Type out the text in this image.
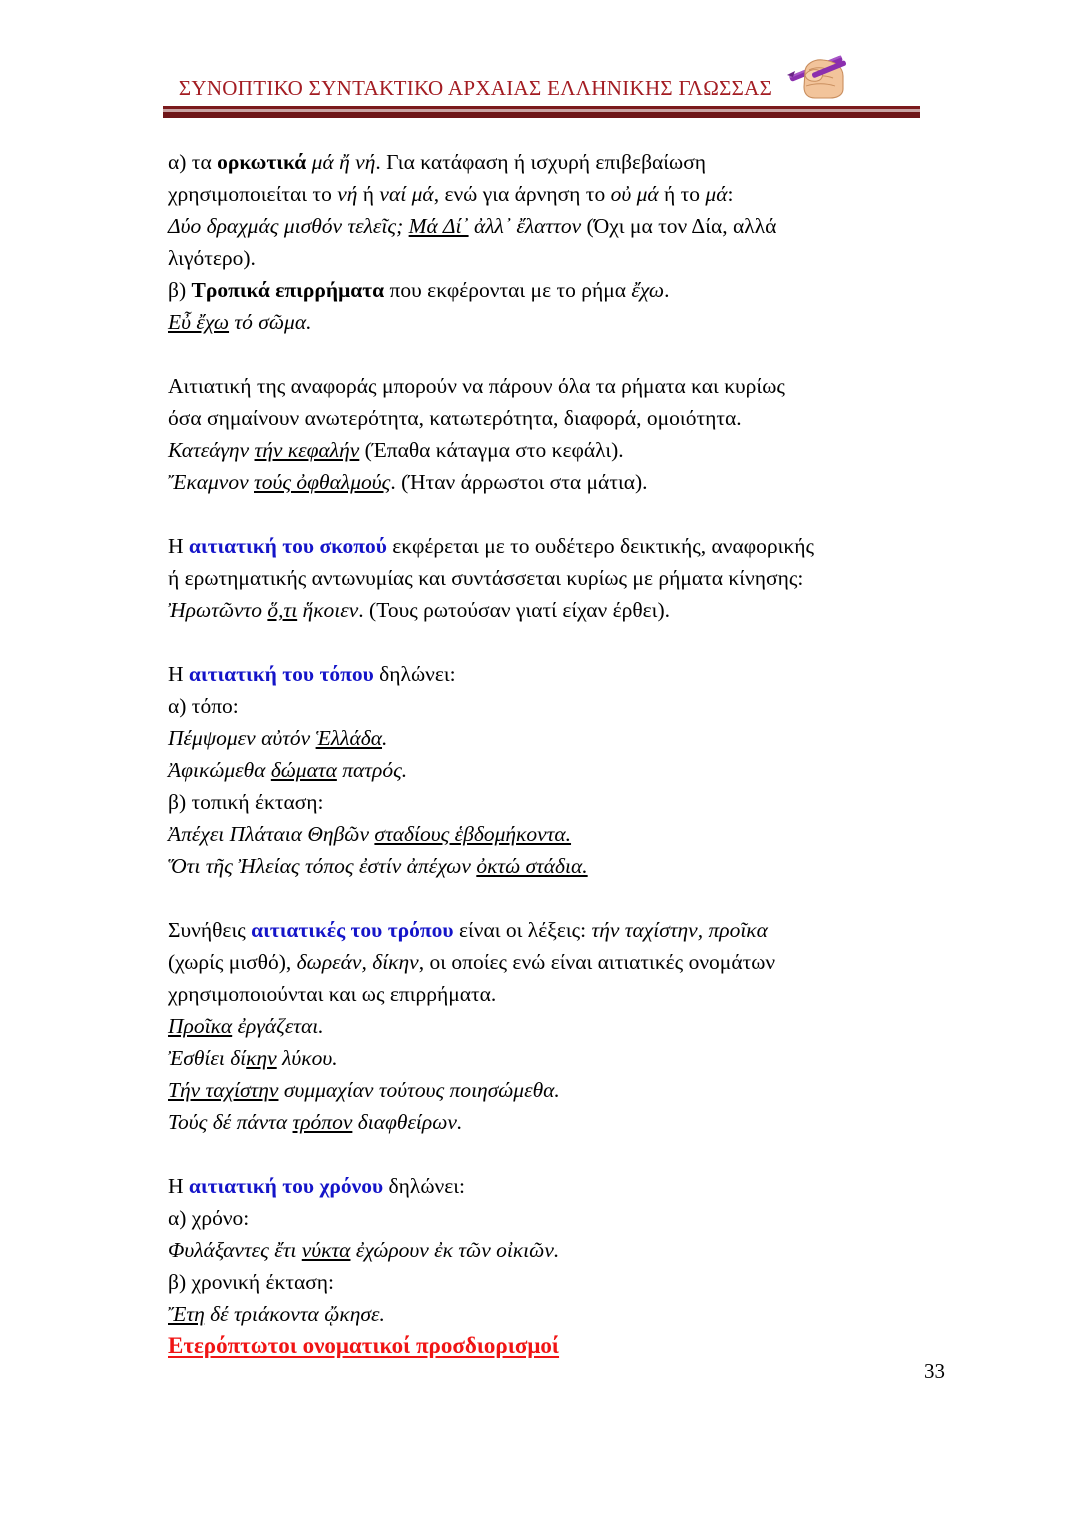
ΣΥΝΟΠΤΙΚΟ ΣΥΝΤΑΚΤΙΚΟ ΑΡΧΑΙΑΣ ΕΛΛΗΝΙΚΗΣ ΓΛΩΣΣΑΣ
α) τα ορκωτικά μά ἤ νή. Για κατάφαση ή ισχυρή επιβεβαίωση
χρησιμοποιείται το νή ή ναί μά, ενώ για άρνηση το οὐ μά ή το μά:
Δύο δραχμάς μισθόν τελεῖς; Μά Δί᾽ ἀλλ᾽ ἔλαττον (Όχι μα τον Δία, αλλά
λιγότερο).
β) Τροπικά επιρρήματα που εκφέρονται με το ρήμα ἔχω.
Εὖ ἔχω τό σῶμα.
Αιτιατική της αναφοράς μπορούν να πάρουν όλα τα ρήματα και κυρίως
όσα σημαίνουν ανωτερότητα, κατωτερότητα, διαφορά, ομοιότητα.
Κατεάγην τήν κεφαλήν (Έπαθα κάταγμα στο κεφάλι).
Ἔκαμνον τούς ὀφθαλμούς. (Ήταν άρρωστοι στα μάτια).
Η αιτιατική του σκοπού εκφέρεται με το ουδέτερο δεικτικής, αναφορικής
ή ερωτηματικής αντωνυμίας και συντάσσεται κυρίως με ρήματα κίνησης:
Ἠρωτῶντο ὅ,τι ἥκοιεν. (Τους ρωτούσαν γιατί είχαν έρθει).
Η αιτιατική του τόπου δηλώνει:
α) τόπο:
Πέμψομεν αὐτόν Ἑλλάδα.
Ἀφικώμεθα δώματα πατρός.
β) τοπική έκταση:
Ἀπέχει Πλάταια Θηβῶν σταδίους ἑβδομήκοντα.
Ὅτι τῆς Ἠλείας τόπος ἐστίν ἀπέχων ὀκτώ στάδια.
Συνήθεις αιτιατικές του τρόπου είναι οι λέξεις: τήν ταχίστην, προῖκα
(χωρίς μισθό), δωρεάν, δίκην, οι οποίες ενώ είναι αιτιατικές ονομάτων
χρησιμοποιούνται και ως επιρρήματα.
Προῖκα ἐργάζεται.
Ἐσθίει δίκην λύκου.
Τήν ταχίστην συμμαχίαν τούτους ποιησώμεθα.
Τούς δέ πάντα τρόπον διαφθείρων.
Η αιτιατική του χρόνου δηλώνει:
α) χρόνο:
Φυλάξαντες ἔτι νύκτα ἐχώρουν ἐκ τῶν οἰκιῶν.
β) χρονική έκταση:
Ἔτη δέ τριάκοντα ᾤκησε.
Ετερόπτωτοι ονοματικοί προσδιορισμοί
33
